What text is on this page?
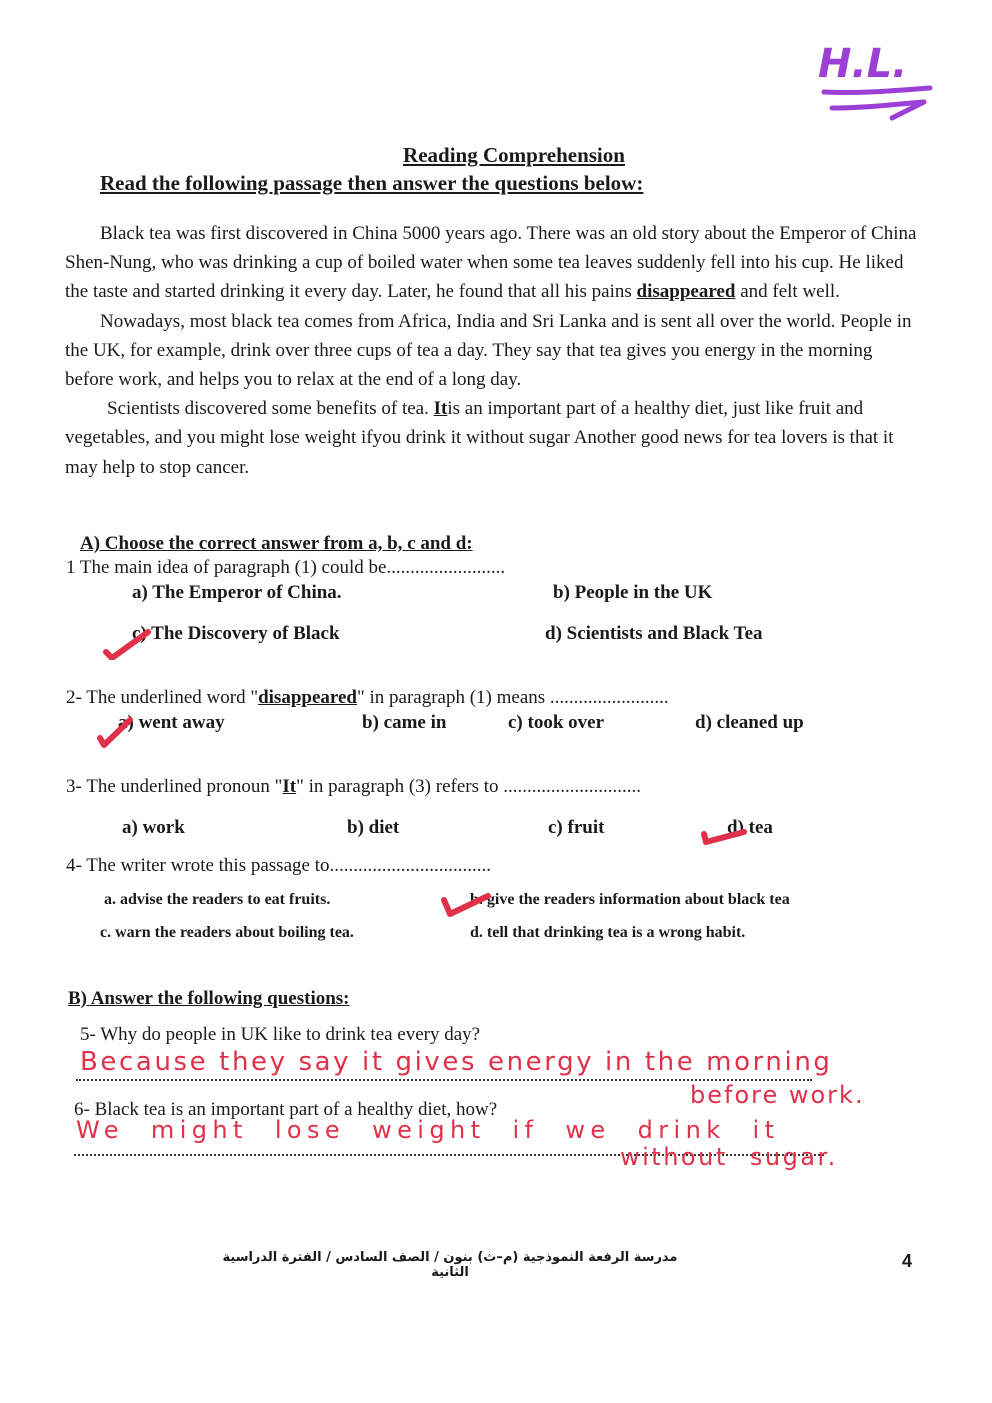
H.L.
Reading Comprehension
Read the following passage then answer the questions below:

Black tea was first discovered in China 5000 years ago. There was an old story about the Emperor of China Shen-Nung, who was drinking a cup of boiled water when some tea leaves suddenly fell into his cup. He liked the taste and started drinking it every day. Later, he found that all his pains disappeared and felt well.

Nowadays, most black tea comes from Africa, India and Sri Lanka and is sent all over the world. People in the UK, for example, drink over three cups of tea a day. They say that tea gives you energy in the morning before work, and helps you to relax at the end of a long day.

Scientists discovered some benefits of tea. Itis an important part of a healthy diet, just like fruit and vegetables, and you might lose weight ifyou drink it without sugar Another good news for tea lovers is that it may help to stop cancer.

A) Choose the correct answer from a, b, c and d:
1 The main idea of paragraph (1) could be.........................
a) The Emperor of China.	b) People in the UK
c) The Discovery of Black	d) Scientists and Black Tea
2- The underlined word "disappeared" in paragraph (1) means .........................
a) went away	b) came in	c) took over	d) cleaned up
3- The underlined pronoun "It" in paragraph (3) refers to .............................
a) work	b) diet	c) fruit	d) tea
4- The writer wrote this passage to..................................
a. advise the readers to eat fruits.	b. give the readers information about black tea
c. warn the readers about boiling tea.	d. tell that drinking tea is a wrong habit.
B) Answer the following questions:
5- Why do people in UK like to drink tea every day?
Because they say it gives energy in the morning
before work.
6- Black tea is an important part of a healthy diet, how?
We might lose weight if we drink it
without sugar.
مدرسة الرفعة النموذجية (م–ث) بنون / الصف السادس / الفترة الدراسية الثانية
4
